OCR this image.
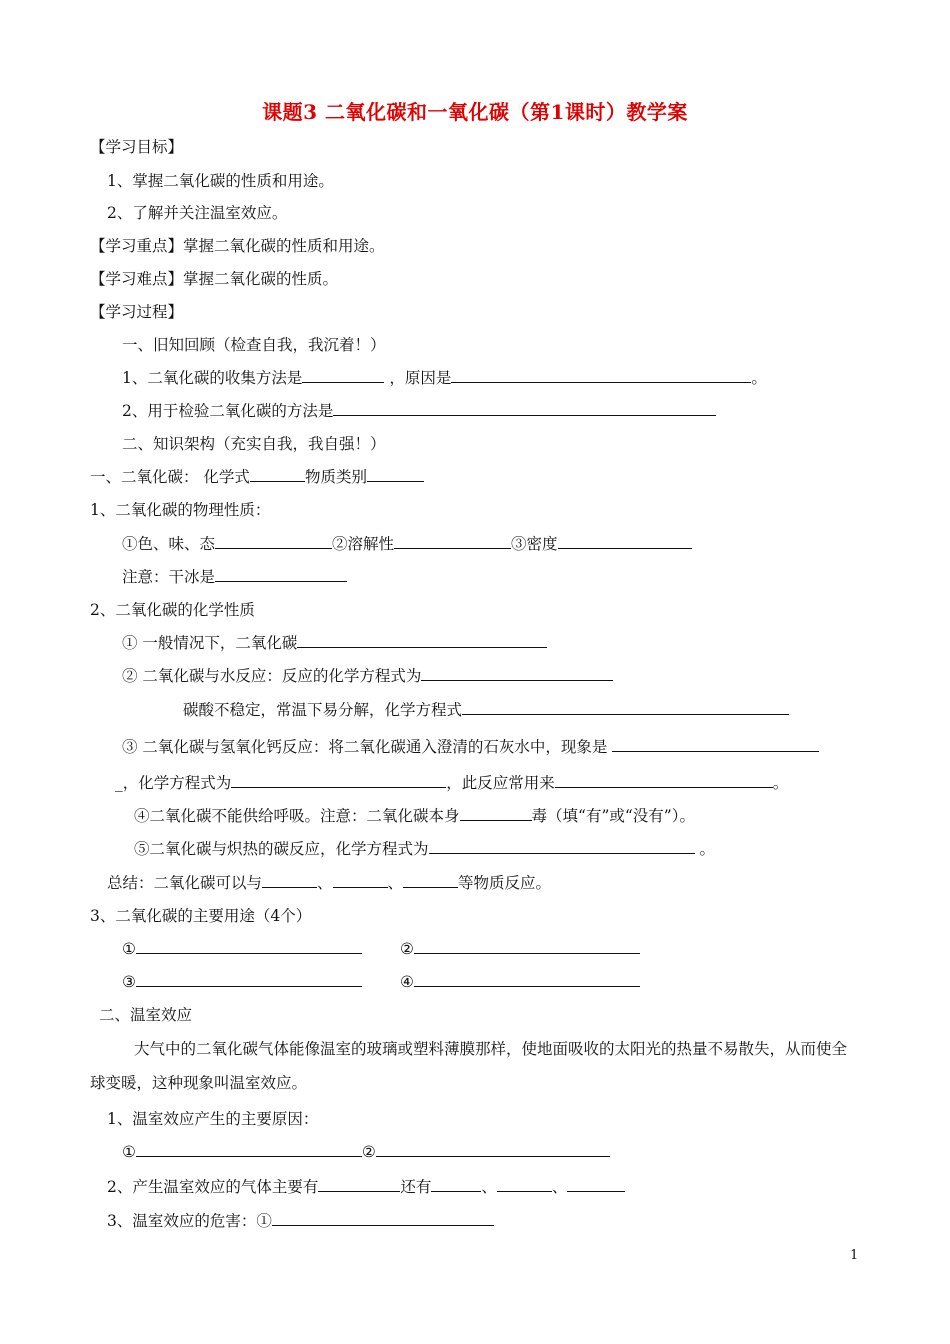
课题3 二氧化碳和一氧化碳（第1课时）教学案
【学习目标】
1、掌握二氧化碳的性质和用途。
2、了解并关注温室效应。
【学习重点】掌握二氧化碳的性质和用途。
【学习难点】掌握二氧化碳的性质。
【学习过程】
一、旧知回顾（检查自我，我沉着！）
1、二氧化碳的收集方法是	，原因是	。
2、用于检验二氧化碳的方法是
二、知识架构（充实自我，我自强！）
一、二氧化碳： 化学式	物质类别
1、二氧化碳的物理性质：
①色、味、态	②溶解性	③密度
注意：干冰是
2、二氧化碳的化学性质
① 一般情况下，二氧化碳
② 二氧化碳与水反应：反应的化学方程式为
碳酸不稳定，常温下易分解，化学方程式
③ 二氧化碳与氢氧化钙反应：将二氧化碳通入澄清的石灰水中，现象是
_，化学方程式为	，此反应常用来	。
④二氧化碳不能供给呼吸。注意：二氧化碳本身	毒（填“有”或“没有”）。
⑤二氧化碳与炽热的碳反应，化学方程式为	。
总结：二氧化碳可以与	、	、	等物质反应。
3、二氧化碳的主要用途（4个）
①	②
③	④
二、温室效应
大气中的二氧化碳气体能像温室的玻璃或塑料薄膜那样，使地面吸收的太阳光的热量不易散失，从而使全球变暖，这种现象叫温室效应。
1、温室效应产生的主要原因：
①	②
2、产生温室效应的气体主要有	还有	、	、
3、温室效应的危害：①
1
